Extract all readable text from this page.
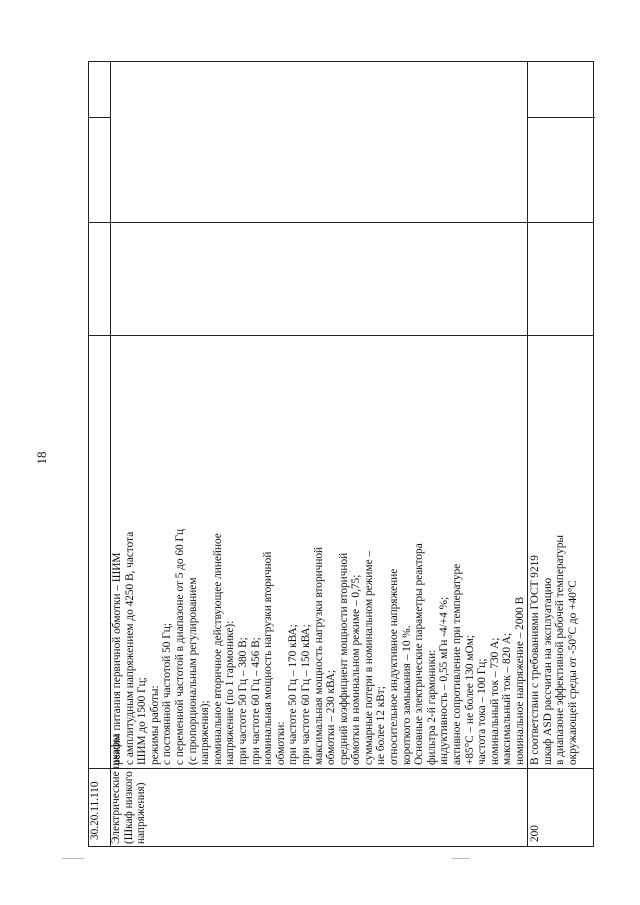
18

30.20.11.110	200

В соответствии с требованиями ГОСТ 9219 шкаф ASD рассчитан на эксплуатацию в диапазоне эффективной рабочей температуры окружающей среды от -50°С до +40°С

режим питания первичной обмотки – ШИМ с амплитудным напряжением до 4250 В, частота ШИМ до 1500 Гц; режимы работы: с постоянной частотой 50 Гц; с переменной частотой в диапазоне от 5 до 60 Гц (с пропорциональным регулированием напряжения); номинальное вторичное действующее линейное напряжение (по 1 гармонике): при частоте 50 Гц – 380 В; при частоте 60 Гц – 456 В; номинальная мощность нагрузки вторичной обмотки: при частоте 50 Гц – 170 кВА; при частоте 60 Гц – 150 кВА; максимальная мощность нагрузки вторичной обмотки – 230 кВА; средний коэффициент мощности вторичной обмотки в номинальном режиме – 0,75; суммарные потери в номинальном режиме – не более 12 кВт; относительное индуктивное напряжение короткого замыкания – 10 %. Основные электрические параметры реактора фильтра 2-й гармоники: индуктивность – 0,55 мГн -4/+4 %; активное сопротивление при температуре +85°С – не более 130 мОм; частота тока – 100 Гц; номинальный ток – 730 А; максимальный ток – 820 А; номинальное напряжение – 2000 В

Электрические шкафы (Шкаф низкого напряжения)
